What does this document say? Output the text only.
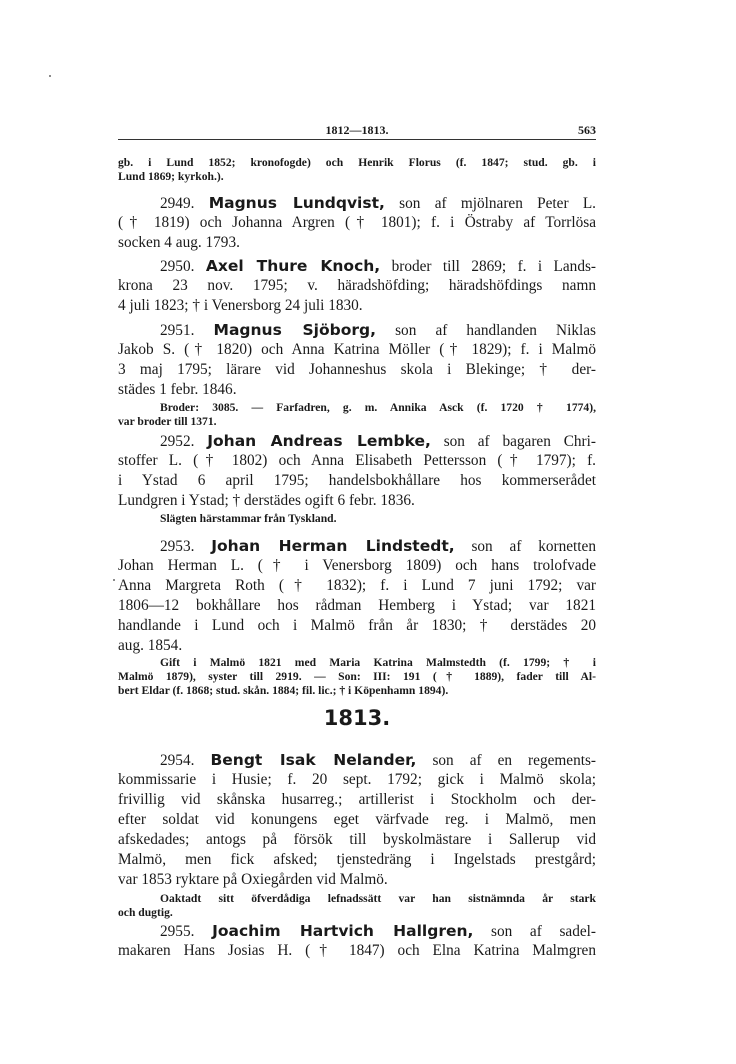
1812—1813.	563
gb. i Lund 1852; kronofogde) och Henrik Florus (f. 1847; stud. gb. i
Lund 1869; kyrkoh.).
2949. Magnus Lundqvist, son af mjölnaren Peter L.
(† 1819) och Johanna Argren († 1801); f. i Östraby af Torrlösa
socken 4 aug. 1793.
2950. Axel Thure Knoch, broder till 2869; f. i Lands-
krona 23 nov. 1795; v. häradshöfding; häradshöfdings namn
4 juli 1823; † i Venersborg 24 juli 1830.
2951. Magnus Sjöborg, son af handlanden Niklas
Jakob S. († 1820) och Anna Katrina Möller († 1829); f. i Malmö
3 maj 1795; lärare vid Johanneshus skola i Blekinge; † der-
städes 1 febr. 1846.
Broder: 3085. — Farfadren, g. m. Annika Asck (f. 1720 † 1774),
var broder till 1371.
2952. Johan Andreas Lembke, son af bagaren Chri-
stoffer L. († 1802) och Anna Elisabeth Pettersson († 1797); f.
i Ystad 6 april 1795; handelsbokhållare hos kommerserådet
Lundgren i Ystad; † derstädes ogift 6 febr. 1836.
Slägten härstammar från Tyskland.
2953. Johan Herman Lindstedt, son af kornetten
Johan Herman L. († i Venersborg 1809) och hans trolofvade
Anna Margreta Roth († 1832); f. i Lund 7 juni 1792; var
1806—12 bokhållare hos rådman Hemberg i Ystad; var 1821
handlande i Lund och i Malmö från år 1830; † derstädes 20
aug. 1854.
Gift i Malmö 1821 med Maria Katrina Malmstedth (f. 1799; † i
Malmö 1879), syster till 2919. — Son: III: 191 († 1889), fader till Al-
bert Eldar (f. 1868; stud. skån. 1884; fil. lic.; † i Köpenhamn 1894).
1813.
2954. Bengt Isak Nelander, son af en regements-
kommissarie i Husie; f. 20 sept. 1792; gick i Malmö skola;
frivillig vid skånska husarreg.; artillerist i Stockholm och der-
efter soldat vid konungens eget värfvade reg. i Malmö, men
afskedades; antogs på försök till byskolmästare i Sallerup vid
Malmö, men fick afsked; tjenstedräng i Ingelstads prestgård;
var 1853 ryktare på Oxiegården vid Malmö.
Oaktadt sitt öfverdådiga lefnadssätt var han sistnämnda år stark
och dugtig.
2955. Joachim Hartvich Hallgren, son af sadel-
makaren Hans Josias H. († 1847) och Elna Katrina Malmgren
